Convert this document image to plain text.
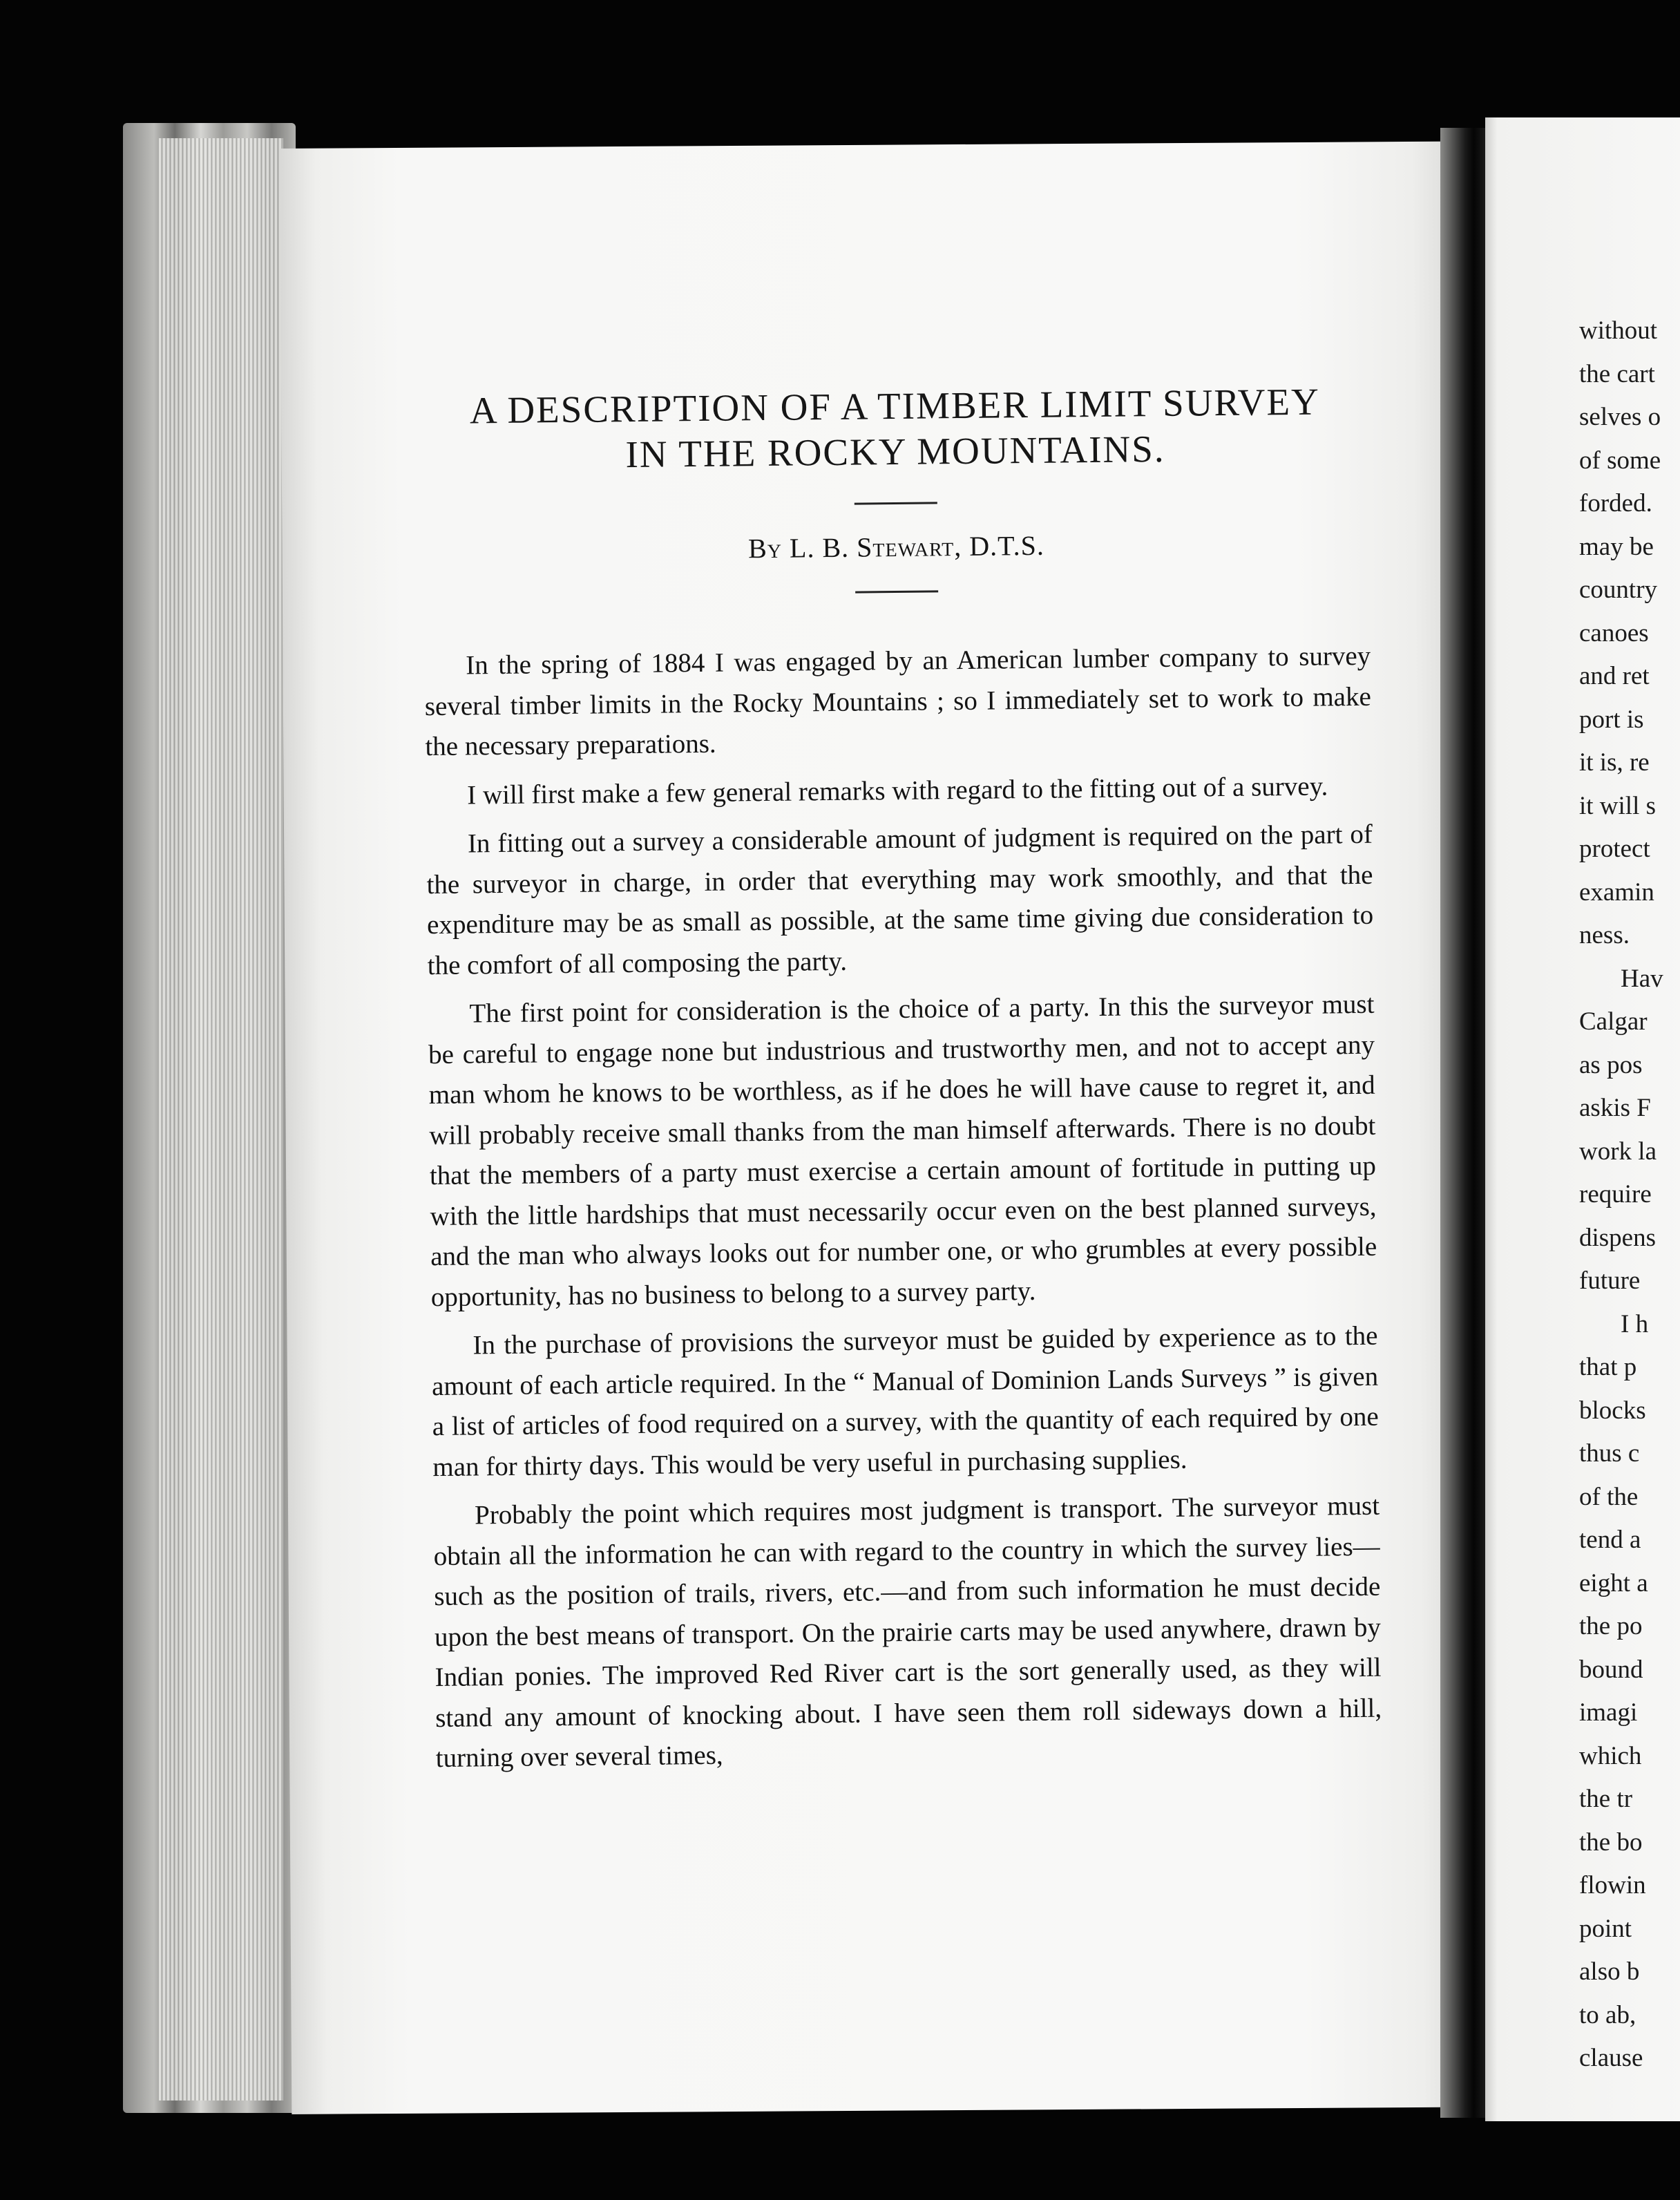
A DESCRIPTION OF A TIMBER LIMIT SURVEY
IN THE ROCKY MOUNTAINS.
By L. B. Stewart, D.T.S.

In the spring of 1884 I was engaged by an American lumber company to survey several timber limits in the Rocky Mountains ; so I immediately set to work to make the necessary preparations.

I will first make a few general remarks with regard to the fitting out of a survey.

In fitting out a survey a considerable amount of judgment is required on the part of the surveyor in charge, in order that everything may work smoothly, and that the expenditure may be as small as possible, at the same time giving due consideration to the comfort of all composing the party.

The first point for consideration is the choice of a party. In this the surveyor must be careful to engage none but industrious and trustworthy men, and not to accept any man whom he knows to be worthless, as if he does he will have cause to regret it, and will probably receive small thanks from the man himself afterwards. There is no doubt that the members of a party must exercise a certain amount of fortitude in putting up with the little hardships that must necessarily occur even on the best planned surveys, and the man who always looks out for number one, or who grumbles at every possible opportunity, has no business to belong to a survey party.

In the purchase of provisions the surveyor must be guided by experience as to the amount of each article required. In the “ Manual of Dominion Lands Surveys ” is given a list of articles of food required on a survey, with the quantity of each required by one man for thirty days. This would be very useful in purchasing supplies.

Probably the point which requires most judgment is transport. The surveyor must obtain all the information he can with regard to the country in which the survey lies—such as the position of trails, rivers, etc.—and from such information he must decide upon the best means of transport. On the prairie carts may be used anywhere, drawn by Indian ponies. The improved Red River cart is the sort generally used, as they will stand any amount of knocking about. I have seen them roll sideways down a hill, turning over several times,

without
the cart
selves o
of some
forded.
may be
country
canoes
and ret
port is
it is, re
it will s
protect
examin
ness.
Hav
Calgar
as pos
askis F
work la
require
dispens
future
I h
that p
blocks
thus c
of the
tend a
eight a
the po
bound
imagi
which
the tr
the bo
flowin
point
also b
to ab,
clause
